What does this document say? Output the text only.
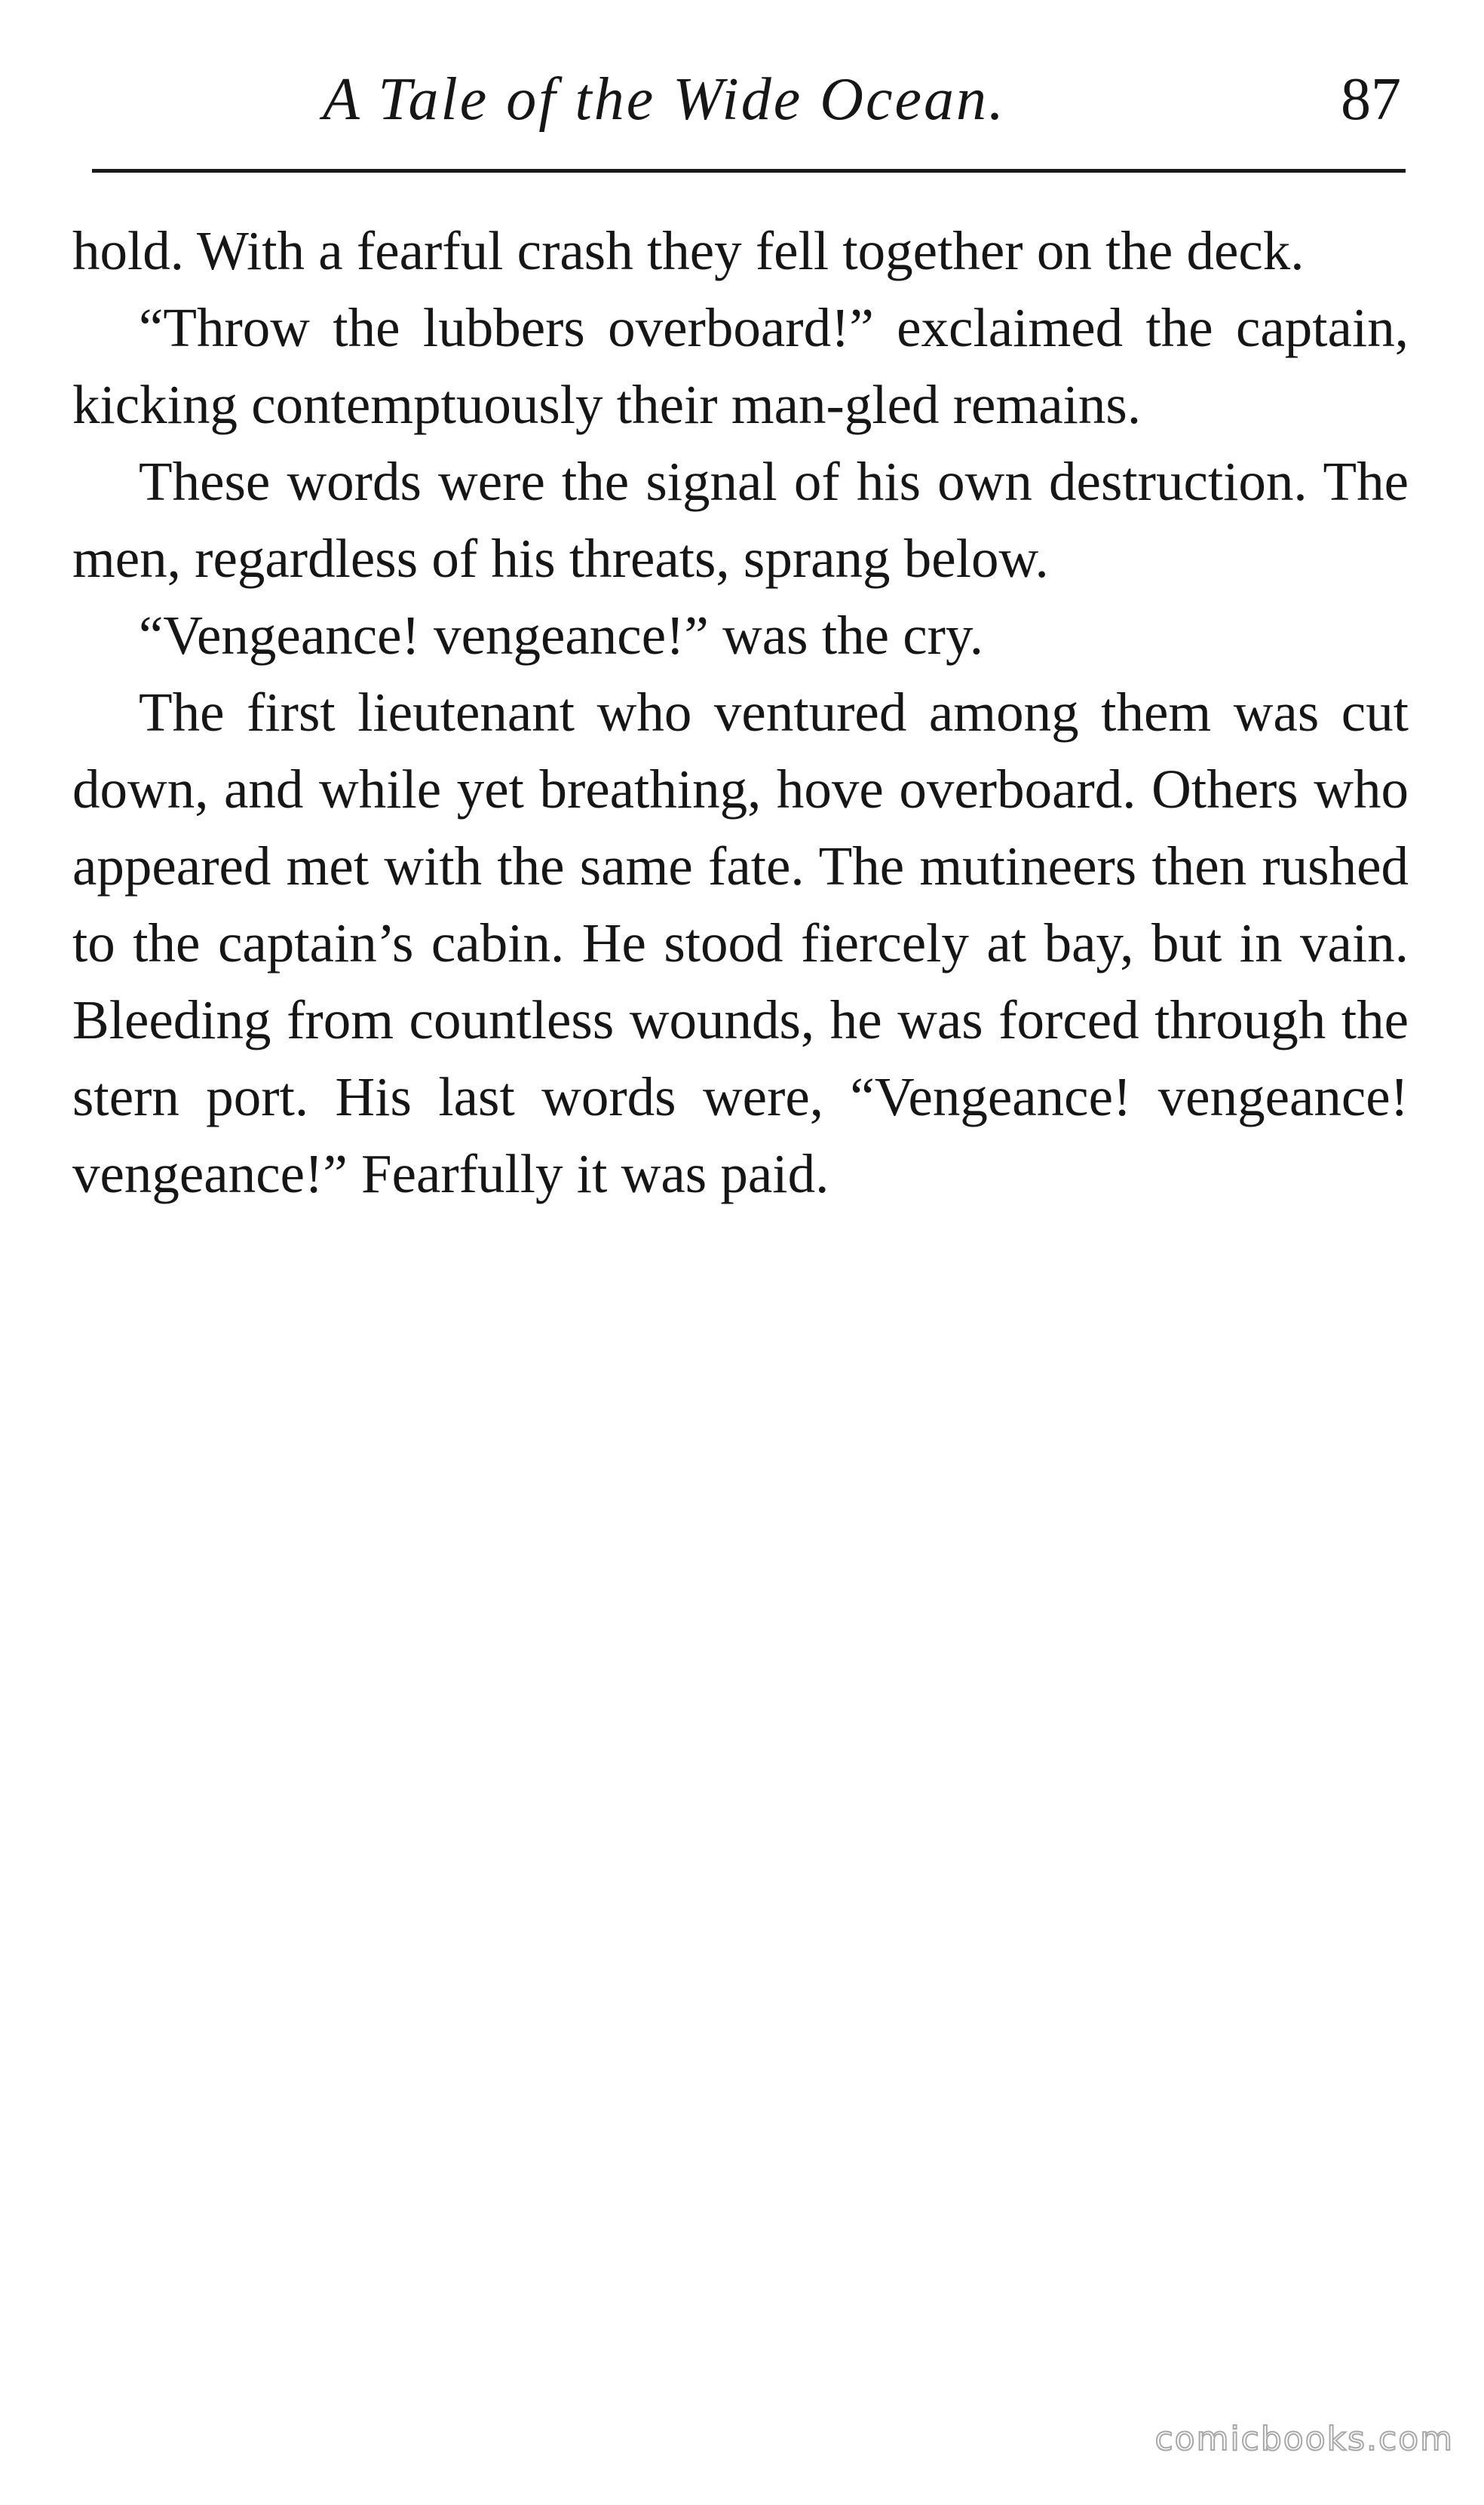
A Tale of the Wide Ocean.	87

hold. With a fearful crash they fell together on the deck.

“Throw the lubbers overboard!” exclaimed the captain, kicking contemptuously their man-gled remains.

These words were the signal of his own destruction. The men, regardless of his threats, sprang below.

“Vengeance! vengeance!” was the cry.

The first lieutenant who ventured among them was cut down, and while yet breathing, hove overboard. Others who appeared met with the same fate. The mutineers then rushed to the captain’s cabin. He stood fiercely at bay, but in vain. Bleeding from countless wounds, he was forced through the stern port. His last words were, “Vengeance! vengeance! vengeance!” Fearfully it was paid.

comicbooks.com
